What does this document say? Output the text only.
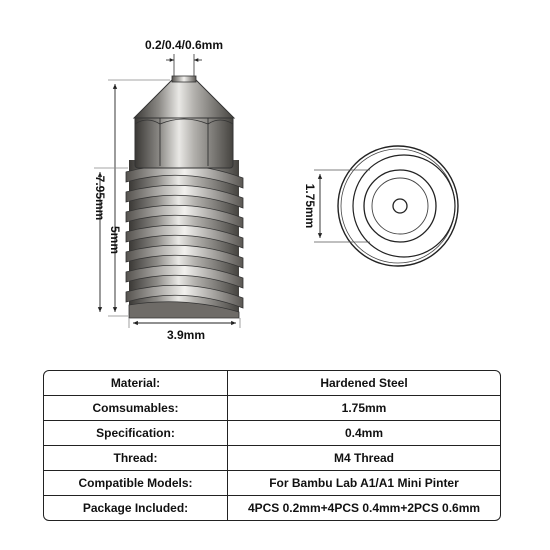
0.2/0.4/0.6mm
7.95mm
5mm
3.9mm
1.75mm
Material:	Hardened Steel
Comsumables:	1.75mm
Specification:	0.4mm
Thread:	M4 Thread
Compatible Models:	For Bambu Lab A1/A1 Mini Pinter
Package Included:	4PCS 0.2mm+4PCS 0.4mm+2PCS 0.6mm
